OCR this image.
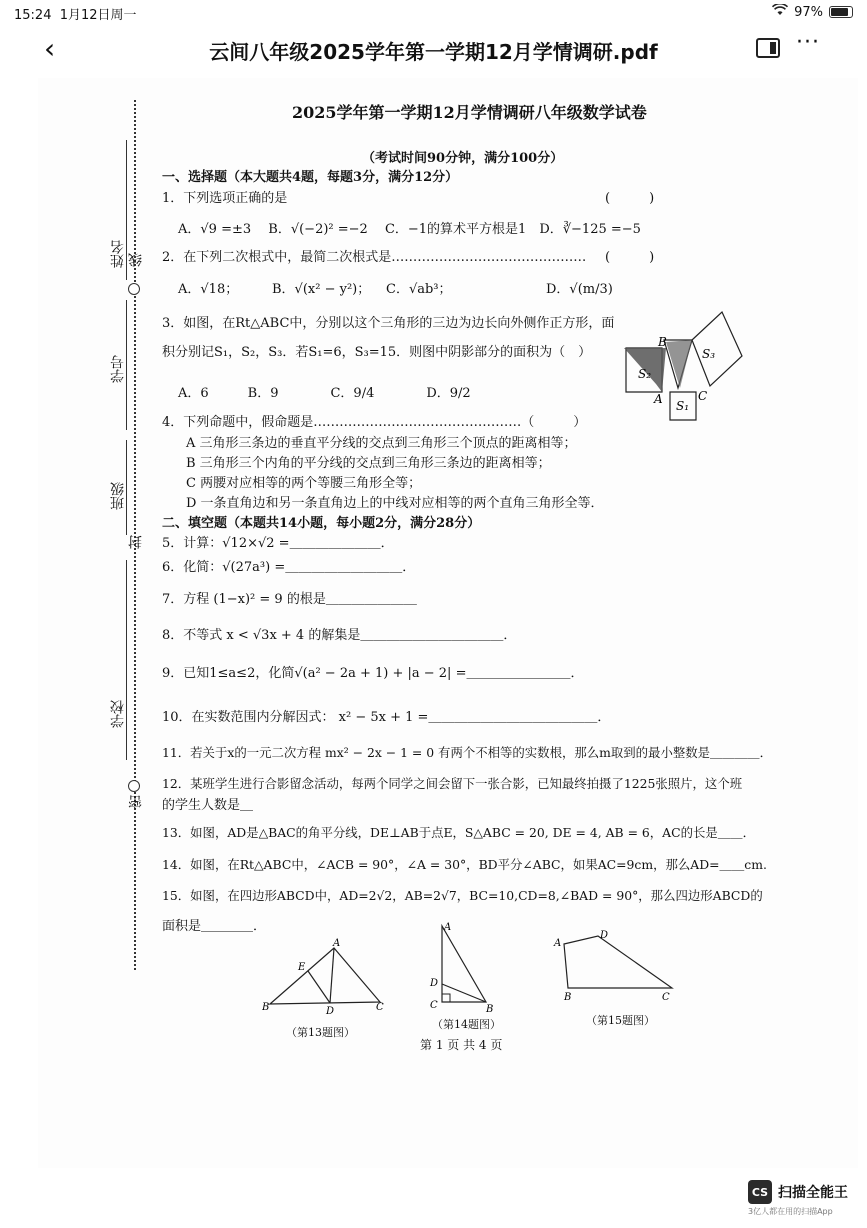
15:24 1月12日周一	97%
‹	云间八年级2025学年第一学期12月学情调研.pdf	···
姓名 线
学号
班级
封
学校
密
2025学年第一学期12月学情调研八年级数学试卷
（考试时间90分钟，满分100分）
一、选择题（本大题共4题，每题3分，满分12分）
1．下列选项正确的是	(　　　)
A．√9 =±3　 B．√(−2)² =−2　 C．−1的算术平方根是1　D．∛−125 =−5
2．在下列二次根式中，最简二次根式是……………………………………… (　　　)
A．√18；	B．√(x² − y²)； C．√ab³；	D．√(m/3)
3．如图，在Rt△ABC中，分别以这个三角形的三边为边长向外侧作正方形，面
积分别记S₁，S₂，S₃．若S₁=6，S₃=15．则图中阴影部分的面积为（　）
A．6　　　B．9　　　　C．9/4　　　　D．9/2
B
A	C
S₂
S₃
S₁
4．下列命题中，假命题是…………………………………………（　　　）
A 三角形三条边的垂直平分线的交点到三角形三个顶点的距离相等；
B 三角形三个内角的平分线的交点到三角形三条边的距离相等；
C 两腰对应相等的两个等腰三角形全等；
D 一条直角边和另一条直角边上的中线对应相等的两个直角三角形全等．
二、填空题（本题共14小题，每小题2分，满分28分）
5．计算：√12×√2 =＿＿＿＿＿＿＿．
6．化简：√(27a³) =＿＿＿＿＿＿＿＿＿．
7．方程 (1−x)² = 9 的根是＿＿＿＿＿＿＿
8．不等式 x < √3x + 4 的解集是＿＿＿＿＿＿＿＿＿＿＿．
9．已知1≤a≤2，化简√(a² − 2a + 1) + |a − 2| =＿＿＿＿＿＿＿＿．
10．在实数范围内分解因式： x² − 5x + 1 =＿＿＿＿＿＿＿＿＿＿＿＿＿．
11．若关于x的一元二次方程 mx² − 2x − 1 = 0 有两个不相等的实数根，那么m取到的最小整数是＿＿＿＿．
12．某班学生进行合影留念活动，每两个同学之间会留下一张合影，已知最终拍摄了1225张照片，这个班
的学生人数是＿
13．如图，AD是△BAC的角平分线，DE⊥AB于点E，S△ABC = 20, DE = 4, AB = 6，AC的长是＿＿．
14．如图，在Rt△ABC中，∠ACB = 90°，∠A = 30°，BD平分∠ABC，如果AC=9cm，那么AD=＿＿cm.
15．如图，在四边形ABCD中，AD=2√2，AB=2√7，BC=10,CD=8,∠BAD = 90°，那么四边形ABCD的
面积是＿＿＿＿．
A
B	C
D
E
（第13题图）
A
D
C	B
（第14题图）
A
D
B	C
（第15题图）
第 1 页 共 4 页
CS 扫描全能王
3亿人都在用的扫描App
